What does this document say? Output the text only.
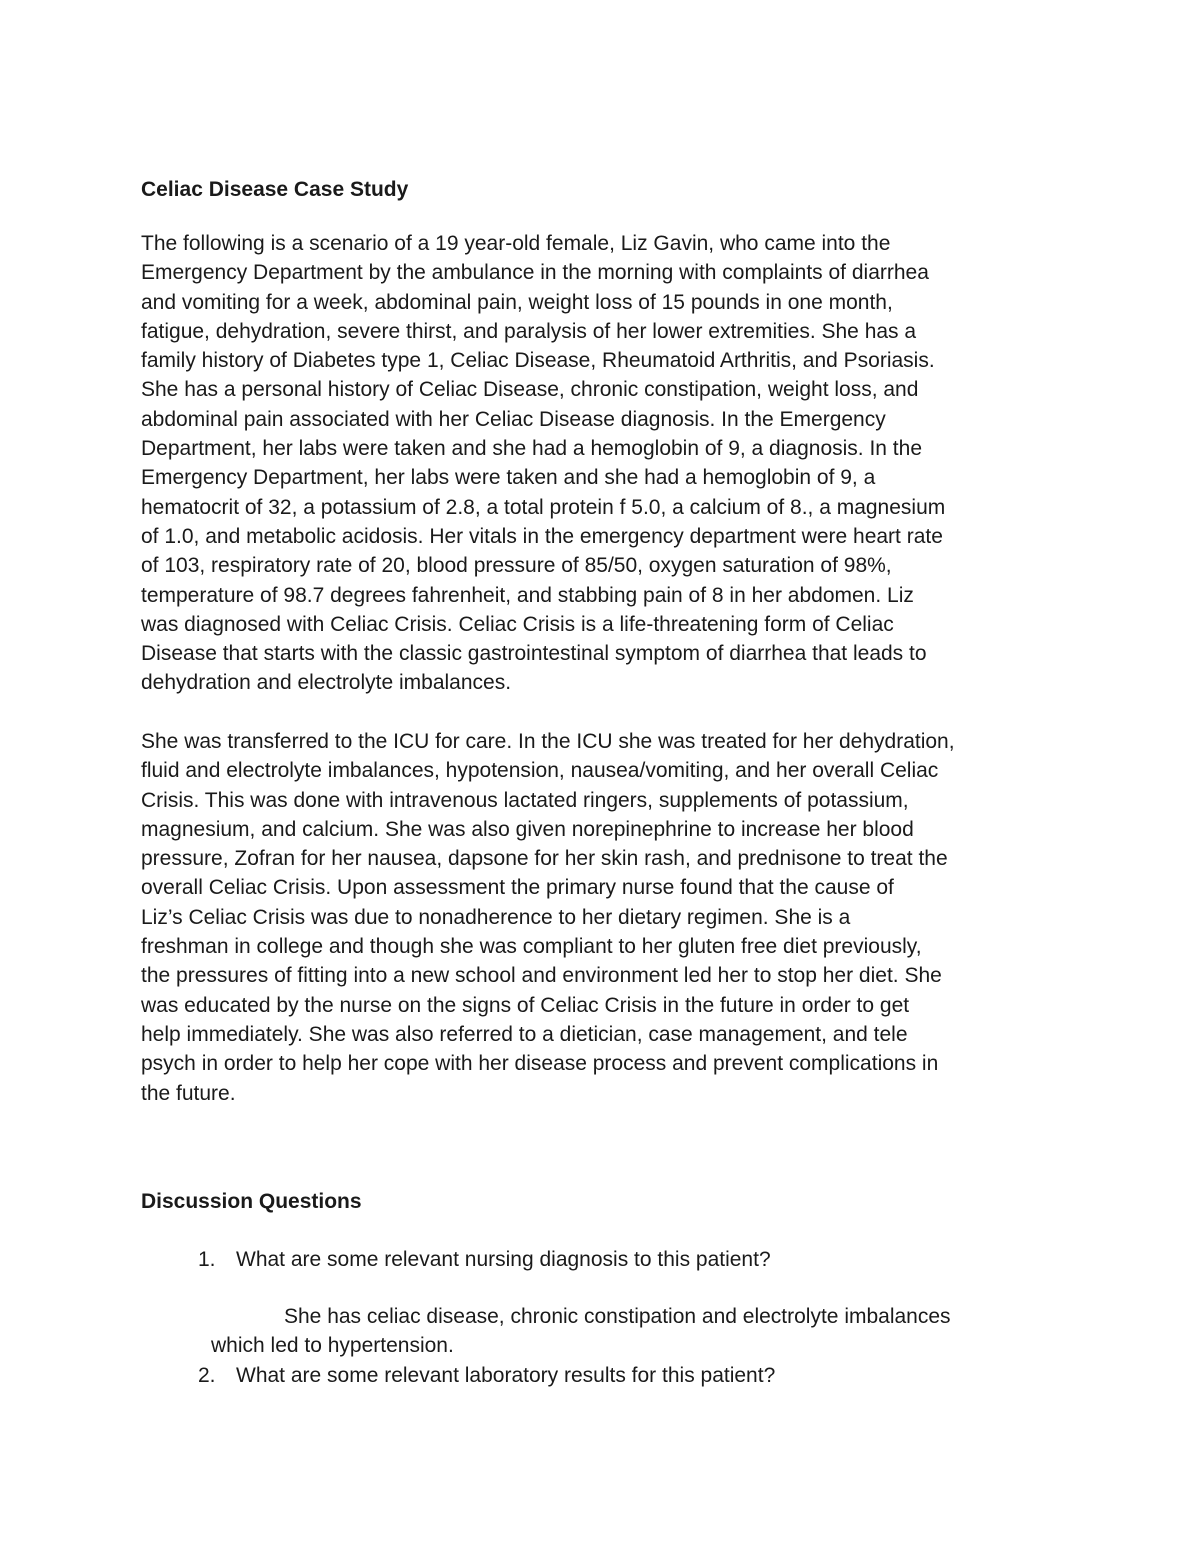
Celiac Disease Case Study
The following is a scenario of a 19 year-old female, Liz Gavin, who came into the
Emergency Department by the ambulance in the morning with complaints of diarrhea
and vomiting for a week, abdominal pain, weight loss of 15 pounds in one month,
fatigue, dehydration, severe thirst, and paralysis of her lower extremities. She has a
family history of Diabetes type 1, Celiac Disease, Rheumatoid Arthritis, and Psoriasis.
She has a personal history of Celiac Disease, chronic constipation, weight loss, and
abdominal pain associated with her Celiac Disease diagnosis. In the Emergency
Department, her labs were taken and she had a hemoglobin of 9, a diagnosis. In the
Emergency Department, her labs were taken and she had a hemoglobin of 9, a
hematocrit of 32, a potassium of 2.8, a total protein f 5.0, a calcium of 8., a magnesium
of 1.0, and metabolic acidosis. Her vitals in the emergency department were heart rate
of 103, respiratory rate of 20, blood pressure of 85/50, oxygen saturation of 98%,
temperature of 98.7 degrees fahrenheit, and stabbing pain of 8 in her abdomen. Liz
was diagnosed with Celiac Crisis. Celiac Crisis is a life-threatening form of Celiac
Disease that starts with the classic gastrointestinal symptom of diarrhea that leads to
dehydration and electrolyte imbalances.
She was transferred to the ICU for care. In the ICU she was treated for her dehydration,
fluid and electrolyte imbalances, hypotension, nausea/vomiting, and her overall Celiac
Crisis. This was done with intravenous lactated ringers, supplements of potassium,
magnesium, and calcium. She was also given norepinephrine to increase her blood
pressure, Zofran for her nausea, dapsone for her skin rash, and prednisone to treat the
overall Celiac Crisis. Upon assessment the primary nurse found that the cause of
Liz’s Celiac Crisis was due to nonadherence to her dietary regimen. She is a
freshman in college and though she was compliant to her gluten free diet previously,
the pressures of fitting into a new school and environment led her to stop her diet. She
was educated by the nurse on the signs of Celiac Crisis in the future in order to get
help immediately. She was also referred to a dietician, case management, and tele
psych in order to help her cope with her disease process and prevent complications in
the future.
Discussion Questions
1. What are some relevant nursing diagnosis to this patient?

She has celiac disease, chronic constipation and electrolyte imbalances

which led to hypertension.

2. What are some relevant laboratory results for this patient?
